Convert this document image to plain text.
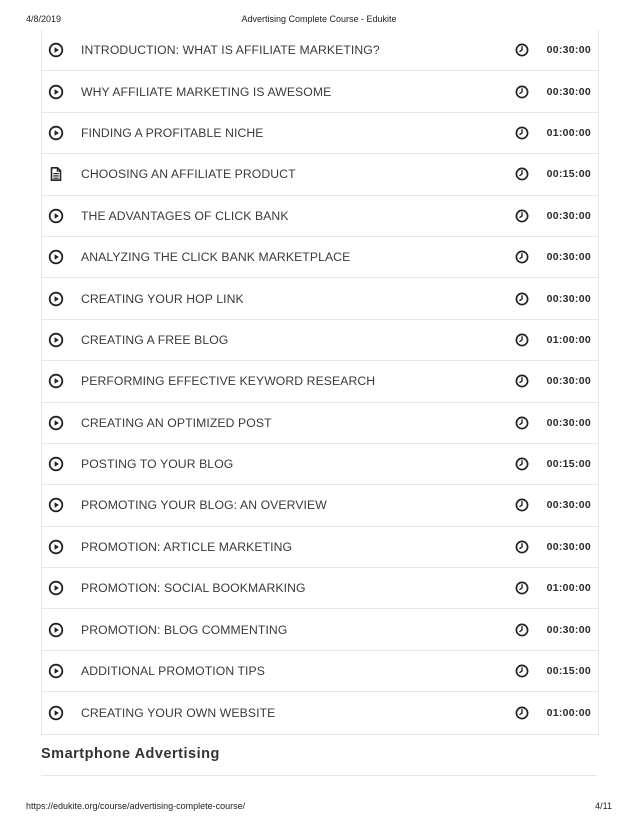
4/8/2019	Advertising Complete Course - Edukite
INTRODUCTION: WHAT IS AFFILIATE MARKETING?	00:30:00
WHY AFFILIATE MARKETING IS AWESOME	00:30:00
FINDING A PROFITABLE NICHE	01:00:00
CHOOSING AN AFFILIATE PRODUCT	00:15:00
THE ADVANTAGES OF CLICK BANK	00:30:00
ANALYZING THE CLICK BANK MARKETPLACE	00:30:00
CREATING YOUR HOP LINK	00:30:00
CREATING A FREE BLOG	01:00:00
PERFORMING EFFECTIVE KEYWORD RESEARCH	00:30:00
CREATING AN OPTIMIZED POST	00:30:00
POSTING TO YOUR BLOG	00:15:00
PROMOTING YOUR BLOG: AN OVERVIEW	00:30:00
PROMOTION: ARTICLE MARKETING	00:30:00
PROMOTION: SOCIAL BOOKMARKING	01:00:00
PROMOTION: BLOG COMMENTING	00:30:00
ADDITIONAL PROMOTION TIPS	00:15:00
CREATING YOUR OWN WEBSITE	01:00:00
Smartphone Advertising
https://edukite.org/course/advertising-complete-course/	4/11
